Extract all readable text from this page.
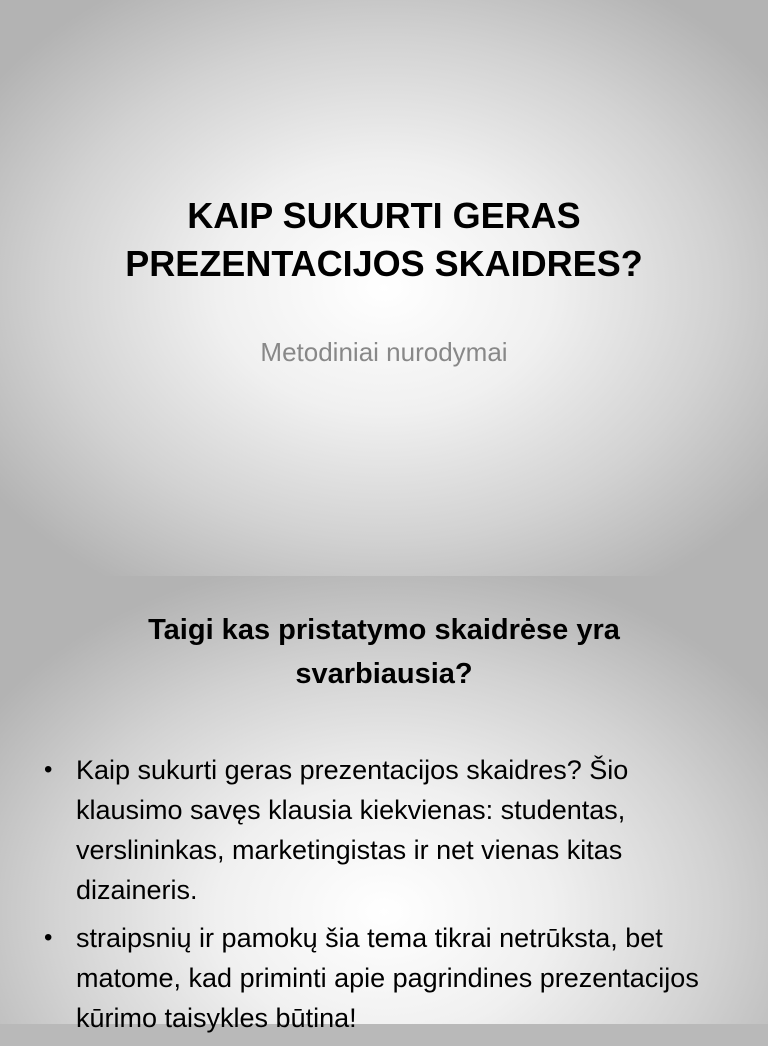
KAIP SUKURTI GERAS PREZENTACIJOS SKAIDRES?

Metodiniai nurodymai

Taigi kas pristatymo skaidrėse yra svarbiausia?
• Kaip sukurti geras prezentacijos skaidres? Šio klausimo savęs klausia kiekvienas: studentas, verslininkas, marketingistas ir net vienas kitas dizaineris.
• straipsnių ir pamokų šia tema tikrai netrūksta, bet matome, kad priminti apie pagrindines prezentacijos kūrimo taisykles būtina!
